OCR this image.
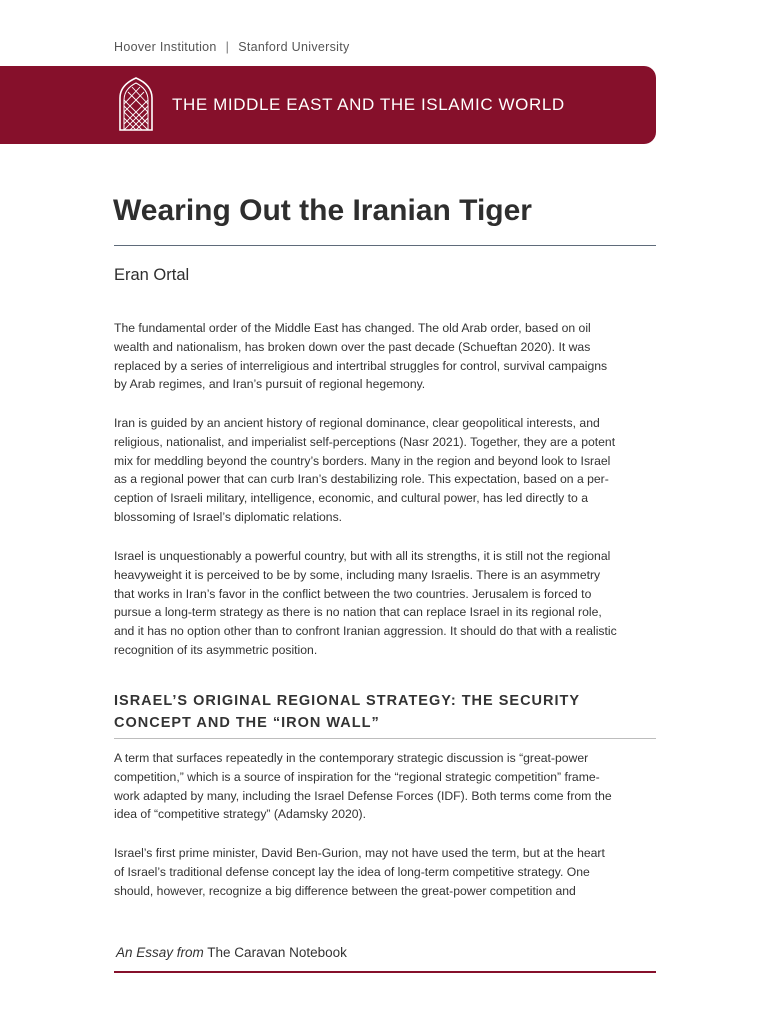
Hoover Institution | Stanford University
THE MIDDLE EAST AND THE ISLAMIC WORLD
Wearing Out the Iranian Tiger
Eran Ortal
The fundamental order of the Middle East has changed. The old Arab order, based on oil
wealth and nationalism, has broken down over the past decade (Schueftan 2020). It was
replaced by a series of interreligious and intertribal struggles for control, survival campaigns
by Arab regimes, and Iran’s pursuit of regional hegemony.
Iran is guided by an ancient history of regional dominance, clear geopolitical interests, and
religious, nationalist, and imperialist self-perceptions (Nasr 2021). Together, they are a potent
mix for meddling beyond the country’s borders. Many in the region and beyond look to Israel
as a regional power that can curb Iran’s destabilizing role. This expectation, based on a per-
ception of Israeli military, intelligence, economic, and cultural power, has led directly to a
blossoming of Israel’s diplomatic relations.
Israel is unquestionably a powerful country, but with all its strengths, it is still not the regional
heavyweight it is perceived to be by some, including many Israelis. There is an asymmetry
that works in Iran’s favor in the conflict between the two countries. Jerusalem is forced to
pursue a long-term strategy as there is no nation that can replace Israel in its regional role,
and it has no option other than to confront Iranian aggression. It should do that with a realistic
recognition of its asymmetric position.
ISRAEL’S ORIGINAL REGIONAL STRATEGY: THE SECURITY
CONCEPT AND THE “IRON WALL”
A term that surfaces repeatedly in the contemporary strategic discussion is “great-power
competition,” which is a source of inspiration for the “regional strategic competition” frame-
work adapted by many, including the Israel Defense Forces (IDF). Both terms come from the
idea of “competitive strategy” (Adamsky 2020).
Israel’s first prime minister, David Ben-Gurion, may not have used the term, but at the heart
of Israel’s traditional defense concept lay the idea of long-term competitive strategy. One
should, however, recognize a big difference between the great-power competition and
An Essay from The Caravan Notebook
